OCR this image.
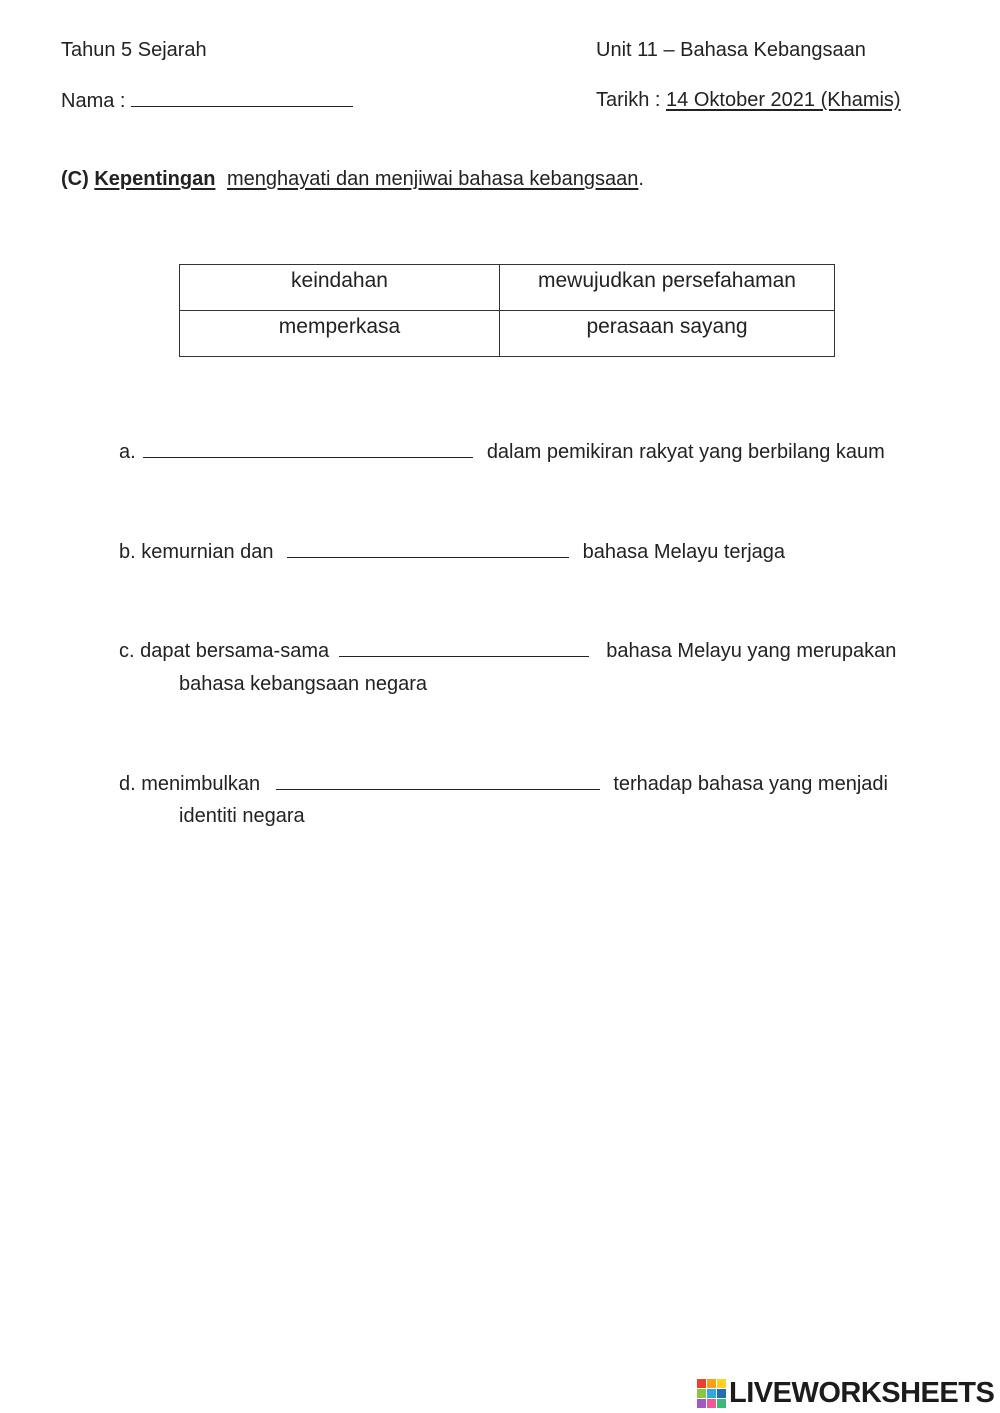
Tahun 5 Sejarah	Unit 11 – Bahasa Kebangsaan
Nama :	Tarikh : 14 Oktober 2021 (Khamis)
(C) Kepentingan menghayati dan menjiwai bahasa kebangsaan.
keindahan	mewujudkan persefahaman
memperkasa	perasaan sayang
a.	dalam pemikiran rakyat yang berbilang kaum
b. kemurnian dan	bahasa Melayu terjaga
c. dapat bersama-sama	bahasa Melayu yang merupakan
bahasa kebangsaan negara
d. menimbulkan	terhadap bahasa yang menjadi
identiti negara
LIVEWORKSHEETS
